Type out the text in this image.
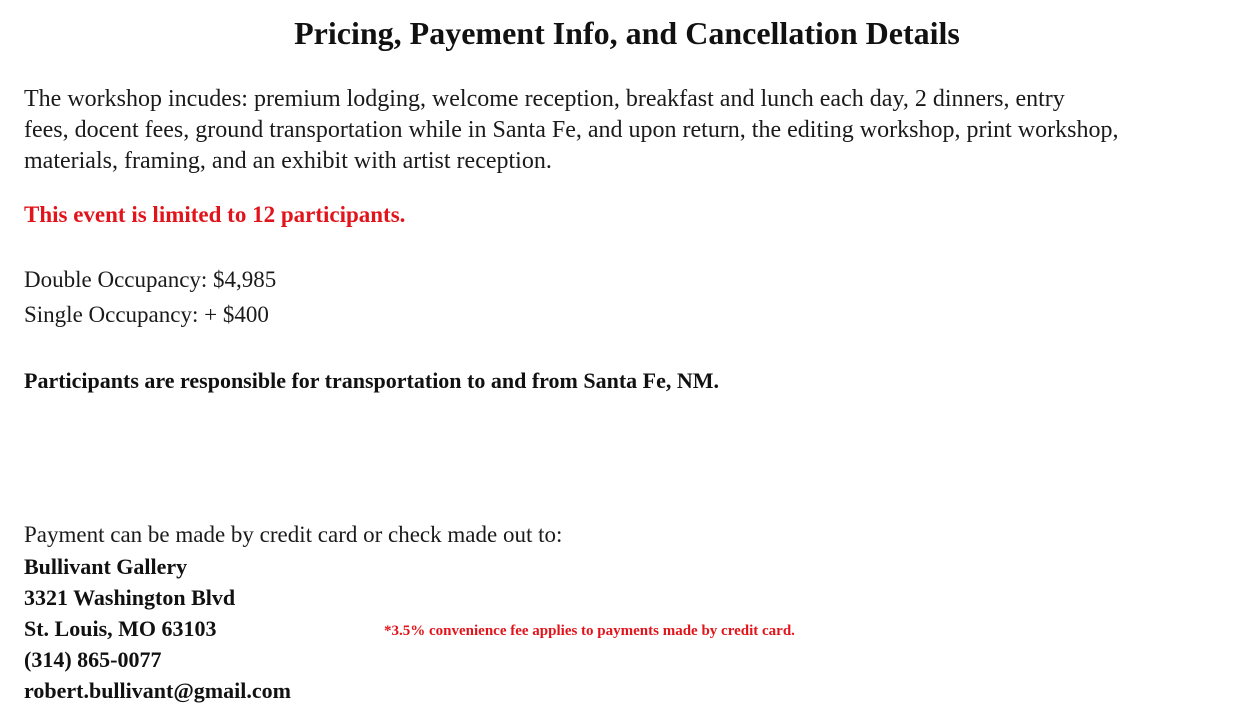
Pricing, Payement Info, and Cancellation Details
The workshop incudes: premium lodging, welcome reception, breakfast and lunch each day, 2 dinners, entry
fees, docent fees, ground transportation while in Santa Fe, and upon return, the editing workshop, print workshop,
materials, framing, and an exhibit with artist reception.
This event is limited to 12 participants.
Double Occupancy: $4,985
Single Occupancy: + $400
Participants are responsible for transportation to and from Santa Fe, NM.
Payment can be made by credit card or check made out to:
Bullivant Gallery
3321 Washington Blvd
St. Louis, MO 63103
(314) 865-0077
robert.bullivant@gmail.com
*3.5% convenience fee applies to payments made by credit card.
